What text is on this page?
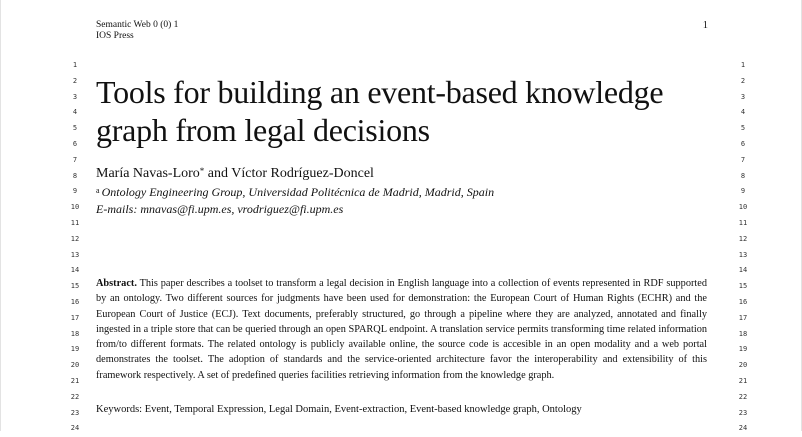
Semantic Web 0 (0) 1
IOS Press
1
1
2
3
4
5
6
7
8
9
10
11
12
13
14
15
16
17
18
19
20
21
22
23
24
1
2
3
4
5
6
7
8
9
10
11
12
13
14
15
16
17
18
19
20
21
22
23
24
Tools for building an event-based knowledge graph from legal decisions
María Navas-Loro* and Víctor Rodríguez-Doncel
$^a$ Ontology Engineering Group, Universidad Politécnica de Madrid, Madrid, Spain
E-mails: mnavas@fi.upm.es, vrodriguez@fi.upm.es

Abstract. This paper describes a toolset to transform a legal decision in English language into a collection of events represented in RDF supported by an ontology. Two different sources for judgments have been used for demonstration: the European Court of Human Rights (ECHR) and the European Court of Justice (ECJ). Text documents, preferably structured, go through a pipeline where they are analyzed, annotated and finally ingested in a triple store that can be queried through an open SPARQL endpoint. A translation service permits transforming time related information from/to different formats. The related ontology is publicly available online, the source code is accesible in an open modality and a web portal demonstrates the toolset. The adoption of standards and the service-oriented architecture favor the interoperability and extensibility of this framework respectively. A set of predefined queries facilities retrieving information from the knowledge graph.

Keywords: Event, Temporal Expression, Legal Domain, Event-extraction, Event-based knowledge graph, Ontology
